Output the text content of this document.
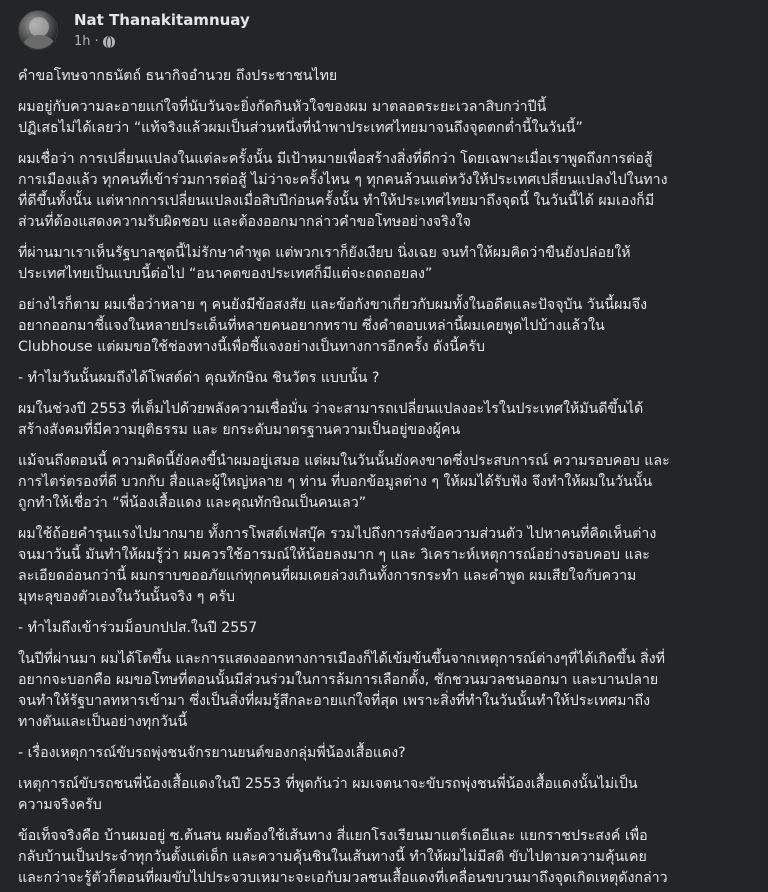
Nat Thanakitamnuay
1h ·

คำขอโทษจากธนัตถ์ ธนากิจอำนวย ถึงประชาชนไทย

ผมอยู่กับความละอายแก่ใจที่นับวันจะยิ่งกัดกินหัวใจของผม มาตลอดระยะเวลาสิบกว่าปีนี้
ปฏิเสธไม่ได้เลยว่า “แท้จริงแล้วผมเป็นส่วนหนึ่งที่นำพาประเทศไทยมาจนถึงจุดตกต่ำนี้ในวันนี้”

ผมเชื่อว่า การเปลี่ยนแปลงในแต่ละครั้งนั้น มีเป้าหมายเพื่อสร้างสิ่งที่ดีกว่า โดยเฉพาะเมื่อเราพูดถึงการต่อสู้
การเมืองแล้ว ทุกคนที่เข้าร่วมการต่อสู้ ไม่ว่าจะครั้งไหน ๆ ทุกคนล้วนแต่หวังให้ประเทศเปลี่ยนแปลงไปในทาง
ที่ดีขึ้นทั้งนั้น แต่หากการเปลี่ยนแปลงเมื่อสิบปีก่อนครั้งนั้น ทำให้ประเทศไทยมาถึงจุดนี้ ในวันนี้ได้ ผมเองก็มี
ส่วนที่ต้องแสดงความรับผิดชอบ และต้องออกมากล่าวคำขอโทษอย่างจริงใจ

ที่ผ่านมาเราเห็นรัฐบาลชุดนี้ไม่รักษาคำพูด แต่พวกเราก็ยังเงียบ นิ่งเฉย จนทำให้ผมคิดว่าขืนยังปล่อยให้
ประเทศไทยเป็นแบบนี้ต่อไป “อนาคตของประเทศก็มีแต่จะถดถอยลง”

อย่างไรก็ตาม ผมเชื่อว่าหลาย ๆ คนยังมีข้อสงสัย และข้อกังขาเกี่ยวกับผมทั้งในอดีตและปัจจุบัน วันนี้ผมจึง
อยากออกมาชี้แจงในหลายประเด็นที่หลายคนอยากทราบ ซึ่งคำตอบเหล่านี้ผมเคยพูดไปบ้างแล้วใน
Clubhouse แต่ผมขอใช้ช่องทางนี้เพื่อชี้แจงอย่างเป็นทางการอีกครั้ง ดังนี้ครับ

- ทำไมวันนั้นผมถึงได้โพสต์ด่า คุณทักษิณ ชินวัตร แบบนั้น ?

ผมในช่วงปี 2553 ที่เต็มไปด้วยพลังความเชื่อมั่น ว่าจะสามารถเปลี่ยนแปลงอะไรในประเทศให้มันดีขึ้นได้
สร้างสังคมที่มีความยุติธรรม และ ยกระดับมาตรฐานความเป็นอยู่ของผู้คน

แม้จนถึงตอนนี้ ความคิดนี้ยังคงขี้นำผมอยู่เสมอ แต่ผมในวันนั้นยังคงขาดซึ่งประสบการณ์ ความรอบคอบ และ
การไตร่ตรองที่ดี บวกกับ สื่อและผู้ใหญ่หลาย ๆ ท่าน ที่บอกข้อมูลต่าง ๆ ให้ผมได้รับฟัง จึงทำให้ผมในวันนั้น
ถูกทำให้เชื่อว่า “พี่น้องเสื้อแดง และคุณทักษิณเป็นคนเลว”

ผมใช้ถ้อยคำรุนแรงไปมากมาย ทั้งการโพสต์เฟสบุ๊ค รวมไปถึงการส่งข้อความส่วนตัว ไปหาคนที่คิดเห็นต่าง
จนมาวันนี้ มันทำให้ผมรู้ว่า ผมควรใช้อารมณ์ให้น้อยลงมาก ๆ และ วิเคราะห์เหตุการณ์อย่างรอบคอบ และ
ละเอียดอ่อนกว่านี้ ผมกราบขออภัยแก่ทุกคนที่ผมเคยล่วงเกินทั้งการกระทำ และคำพูด ผมเสียใจกับความ
มุทะลุของตัวเองในวันนั้นจริง ๆ ครับ

- ทำไมถึงเข้าร่วมม็อบกปปส.ในปี 2557

ในปีที่ผ่านมา ผมได้โตขึ้น และการแสดงออกทางการเมืองก็ได้เข้มข้นขึ้นจากเหตุการณ์ต่างๆที่ได้เกิดขึ้น สิ่งที่
อยากจะบอกคือ ผมขอโทษที่ตอนนั้นมีส่วนร่วมในการล้มการเลือกตั้ง, ชักชวนมวลชนออกมา และบานปลาย
จนทำให้รัฐบาลทหารเข้ามา ซึ่งเป็นสิ่งที่ผมรู้สึกละอายแก่ใจที่สุด เพราะสิ่งที่ทำในวันนั้นทำให้ประเทศมาถึง
ทางตันและเป็นอย่างทุกวันนี้

- เรื่องเหตุการณ์ขับรถพุ่งชนจักรยานยนต์ของกลุ่มพี่น้องเสื้อแดง?

เหตุการณ์ขับรถชนพี่น้องเสื้อแดงในปี 2553 ที่พูดกันว่า ผมเจตนาจะขับรถพุ่งชนพี่น้องเสื้อแดงนั้นไม่เป็น
ความจริงครับ

ข้อเท็จจริงคือ บ้านผมอยู่ ซ.ต้นสน ผมต้องใช้เส้นทาง สี่แยกโรงเรียนมาแตร์เดอีและ แยกราชประสงค์ เพื่อ
กลับบ้านเป็นประจำทุกวันตั้งแต่เด็ก และความคุ้นชินในเส้นทางนี้ ทำให้ผมไม่มีสติ ขับไปตามความคุ้นเคย
และกว่าจะรู้ตัวก็ตอนที่ผมขับไปประจวบเหมาะจะเอกับมวลชนเสื้อแดงที่เคลื่อนขบวนมาถึงจุดเกิดเหตุดังกล่าว
